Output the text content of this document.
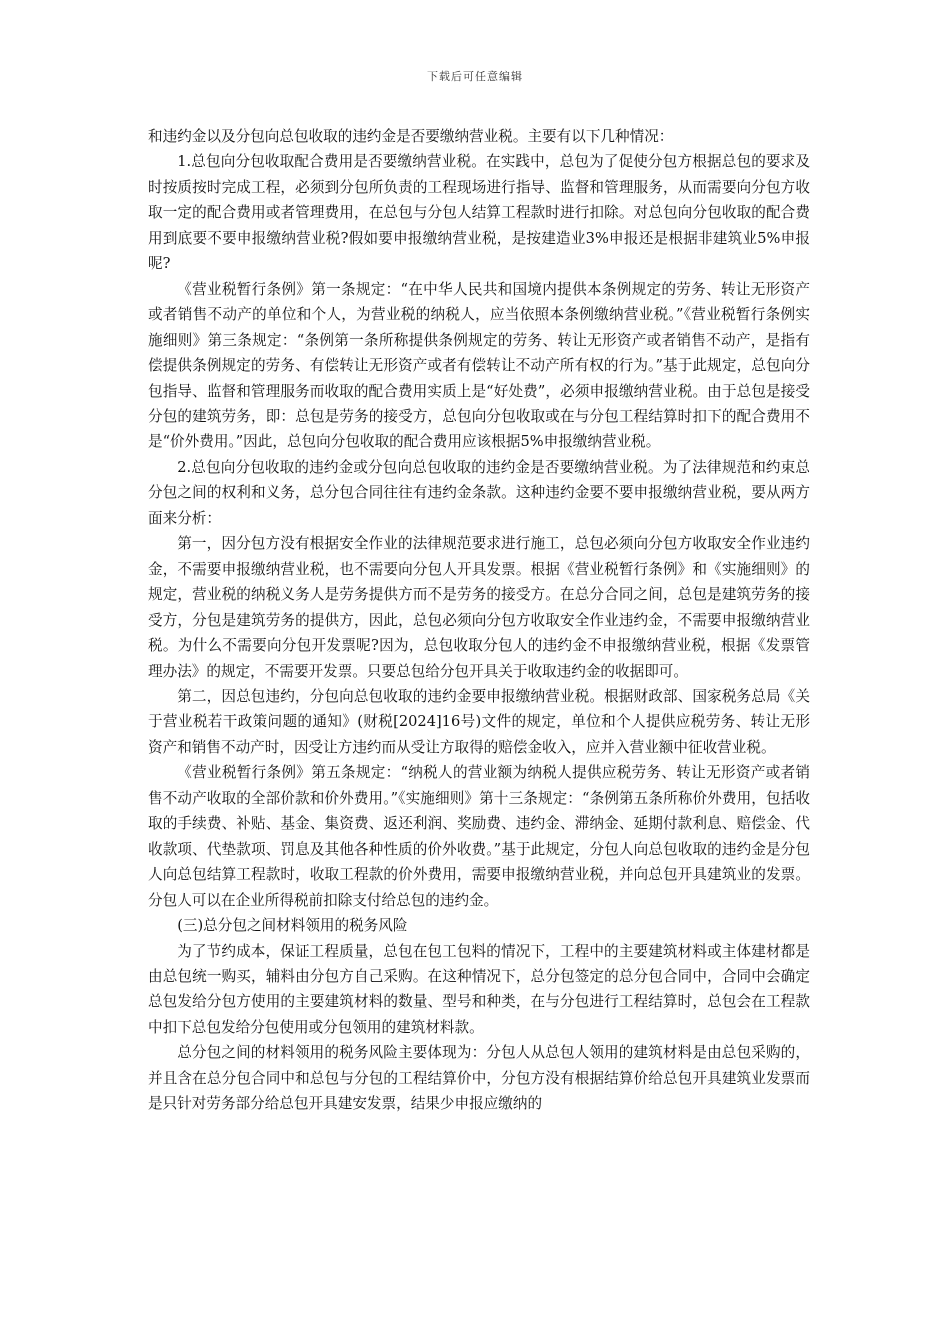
下载后可任意编辑

和违约金以及分包向总包收取的违约金是否要缴纳营业税。主要有以下几种情况：

1.总包向分包收取配合费用是否要缴纳营业税。在实践中，总包为了促使分包方根据总包的要求及时按质按时完成工程，必须到分包所负责的工程现场进行指导、监督和管理服务，从而需要向分包方收取一定的配合费用或者管理费用，在总包与分包人结算工程款时进行扣除。对总包向分包收取的配合费用到底要不要申报缴纳营业税?假如要申报缴纳营业税，是按建造业3%申报还是根据非建筑业5%申报呢?

《营业税暂行条例》第一条规定：“在中华人民共和国境内提供本条例规定的劳务、转让无形资产或者销售不动产的单位和个人，为营业税的纳税人，应当依照本条例缴纳营业税。”《营业税暂行条例实施细则》第三条规定：“条例第一条所称提供条例规定的劳务、转让无形资产或者销售不动产，是指有偿提供条例规定的劳务、有偿转让无形资产或者有偿转让不动产所有权的行为。”基于此规定，总包向分包指导、监督和管理服务而收取的配合费用实质上是“好处费”，必须申报缴纳营业税。由于总包是接受分包的建筑劳务，即：总包是劳务的接受方，总包向分包收取或在与分包工程结算时扣下的配合费用不是“价外费用。”因此，总包向分包收取的配合费用应该根据5%申报缴纳营业税。

2.总包向分包收取的违约金或分包向总包收取的违约金是否要缴纳营业税。为了法律规范和约束总分包之间的权利和义务，总分包合同往往有违约金条款。这种违约金要不要申报缴纳营业税，要从两方面来分析：

第一，因分包方没有根据安全作业的法律规范要求进行施工，总包必须向分包方收取安全作业违约金，不需要申报缴纳营业税，也不需要向分包人开具发票。根据《营业税暂行条例》和《实施细则》的规定，营业税的纳税义务人是劳务提供方而不是劳务的接受方。在总分合同之间，总包是建筑劳务的接受方，分包是建筑劳务的提供方，因此，总包必须向分包方收取安全作业违约金，不需要申报缴纳营业税。为什么不需要向分包开发票呢?因为，总包收取分包人的违约金不申报缴纳营业税，根据《发票管理办法》的规定，不需要开发票。只要总包给分包开具关于收取违约金的收据即可。

第二，因总包违约，分包向总包收取的违约金要申报缴纳营业税。根据财政部、国家税务总局《关于营业税若干政策问题的通知》(财税[2024]16号)文件的规定，单位和个人提供应税劳务、转让无形资产和销售不动产时，因受让方违约而从受让方取得的赔偿金收入，应并入营业额中征收营业税。

《营业税暂行条例》第五条规定：“纳税人的营业额为纳税人提供应税劳务、转让无形资产或者销售不动产收取的全部价款和价外费用。”《实施细则》第十三条规定：“条例第五条所称价外费用，包括收取的手续费、补贴、基金、集资费、返还利润、奖励费、违约金、滞纳金、延期付款利息、赔偿金、代收款项、代垫款项、罚息及其他各种性质的价外收费。”基于此规定，分包人向总包收取的违约金是分包人向总包结算工程款时，收取工程款的价外费用，需要申报缴纳营业税，并向总包开具建筑业的发票。分包人可以在企业所得税前扣除支付给总包的违约金。

(三)总分包之间材料领用的税务风险

为了节约成本，保证工程质量，总包在包工包料的情况下，工程中的主要建筑材料或主体建材都是由总包统一购买，辅料由分包方自己采购。在这种情况下，总分包签定的总分包合同中，合同中会确定总包发给分包方使用的主要建筑材料的数量、型号和种类，在与分包进行工程结算时，总包会在工程款中扣下总包发给分包使用或分包领用的建筑材料款。

总分包之间的材料领用的税务风险主要体现为：分包人从总包人领用的建筑材料是由总包采购的，并且含在总分包合同中和总包与分包的工程结算价中，分包方没有根据结算价给总包开具建筑业发票而是只针对劳务部分给总包开具建安发票，结果少申报应缴纳的
